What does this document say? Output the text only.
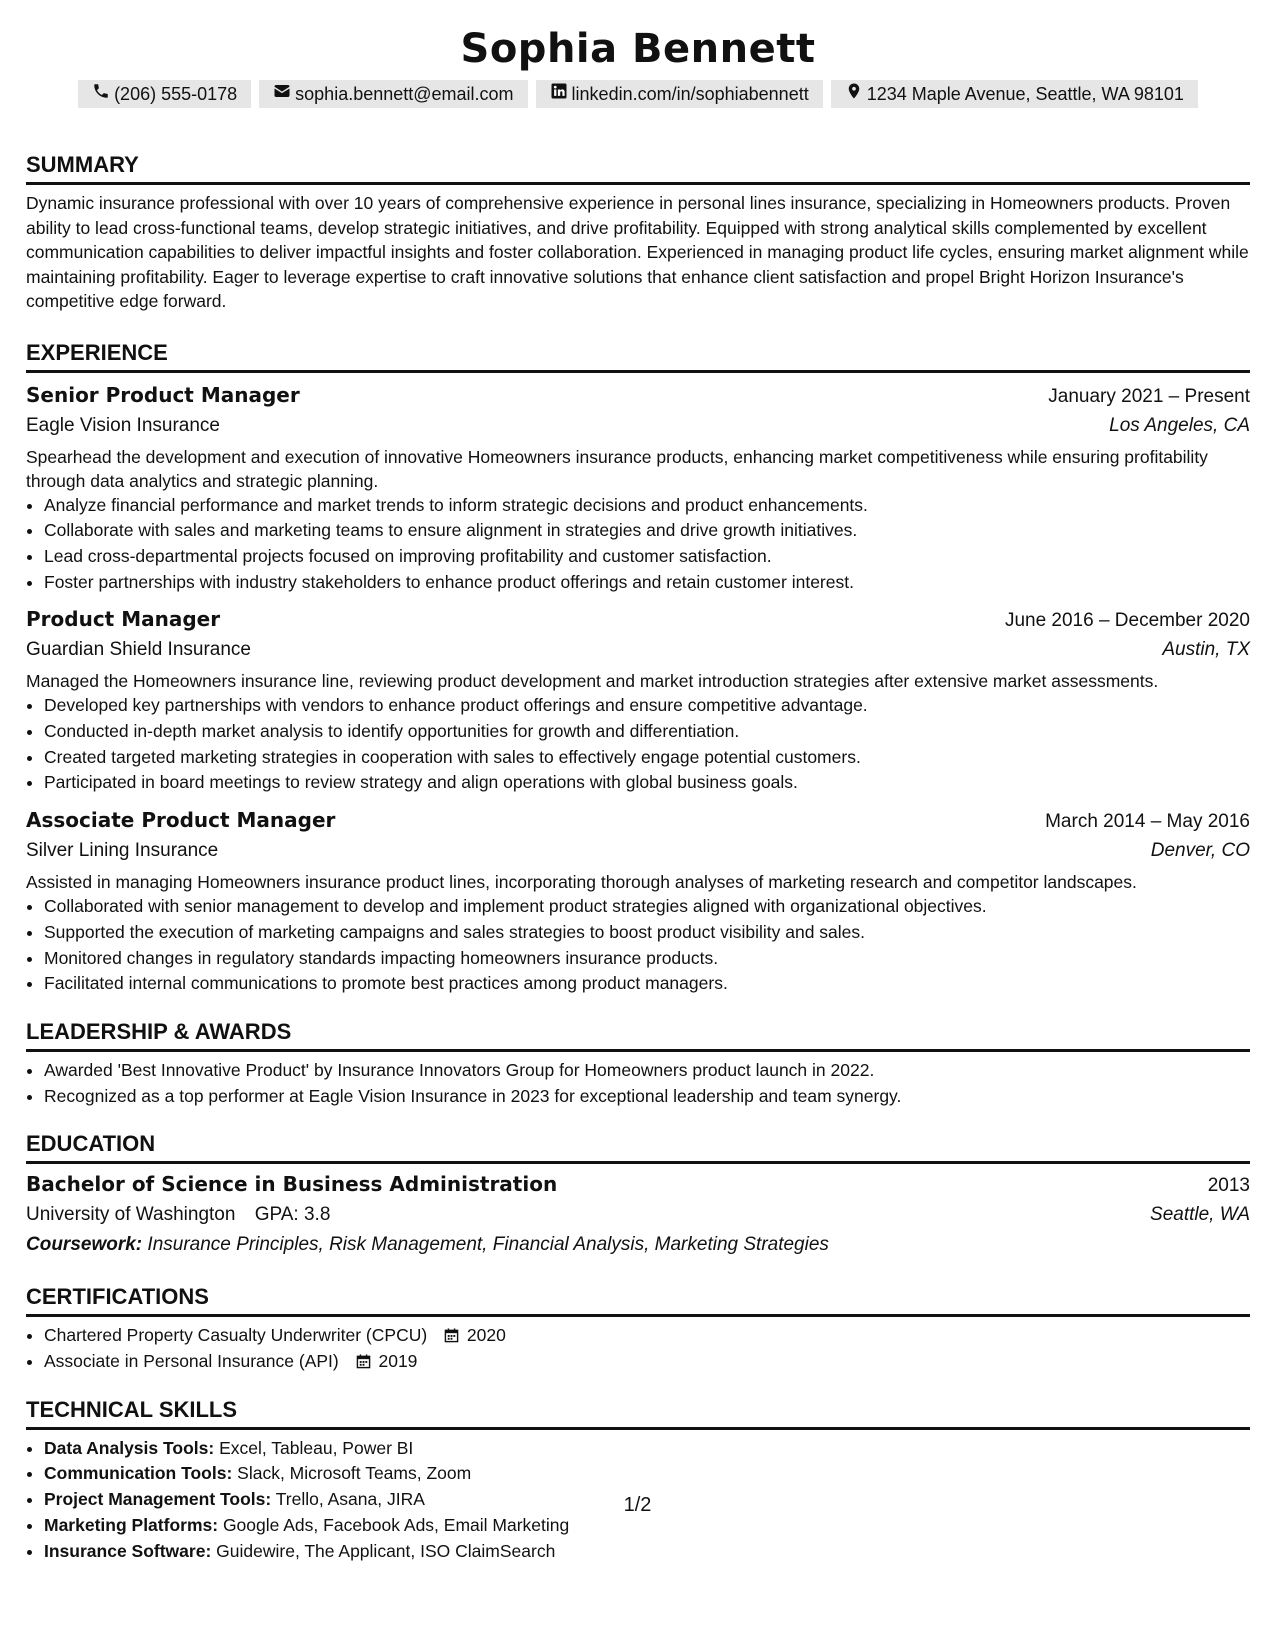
Sophia Bennett
(206) 555-0178	sophia.bennett@email.com	linkedin.com/in/sophiabennett	1234 Maple Avenue, Seattle, WA 98101
SUMMARY
Dynamic insurance professional with over 10 years of comprehensive experience in personal lines insurance, specializing in Homeowners products. Proven ability to lead cross-functional teams, develop strategic initiatives, and drive profitability. Equipped with strong analytical skills complemented by excellent communication capabilities to deliver impactful insights and foster collaboration. Experienced in managing product life cycles, ensuring market alignment while maintaining profitability. Eager to leverage expertise to craft innovative solutions that enhance client satisfaction and propel Bright Horizon Insurance's competitive edge forward.
EXPERIENCE
Senior Product Manager	January 2021 – Present
Eagle Vision Insurance	Los Angeles, CA
Spearhead the development and execution of innovative Homeowners insurance products, enhancing market competitiveness while ensuring profitability through data analytics and strategic planning.
• Analyze financial performance and market trends to inform strategic decisions and product enhancements.
• Collaborate with sales and marketing teams to ensure alignment in strategies and drive growth initiatives.
• Lead cross-departmental projects focused on improving profitability and customer satisfaction.
• Foster partnerships with industry stakeholders to enhance product offerings and retain customer interest.
Product Manager	June 2016 – December 2020
Guardian Shield Insurance	Austin, TX
Managed the Homeowners insurance line, reviewing product development and market introduction strategies after extensive market assessments.
• Developed key partnerships with vendors to enhance product offerings and ensure competitive advantage.
• Conducted in-depth market analysis to identify opportunities for growth and differentiation.
• Created targeted marketing strategies in cooperation with sales to effectively engage potential customers.
• Participated in board meetings to review strategy and align operations with global business goals.
Associate Product Manager	March 2014 – May 2016
Silver Lining Insurance	Denver, CO
Assisted in managing Homeowners insurance product lines, incorporating thorough analyses of marketing research and competitor landscapes.
• Collaborated with senior management to develop and implement product strategies aligned with organizational objectives.
• Supported the execution of marketing campaigns and sales strategies to boost product visibility and sales.
• Monitored changes in regulatory standards impacting homeowners insurance products.
• Facilitated internal communications to promote best practices among product managers.
LEADERSHIP & AWARDS
• Awarded 'Best Innovative Product' by Insurance Innovators Group for Homeowners product launch in 2022.
• Recognized as a top performer at Eagle Vision Insurance in 2023 for exceptional leadership and team synergy.
EDUCATION
Bachelor of Science in Business Administration	2013
University of Washington GPA: 3.8	Seattle, WA
Coursework: Insurance Principles, Risk Management, Financial Analysis, Marketing Strategies
CERTIFICATIONS
• Chartered Property Casualty Underwriter (CPCU) 2020
• Associate in Personal Insurance (API) 2019
TECHNICAL SKILLS
• Data Analysis Tools: Excel, Tableau, Power BI
• Communication Tools: Slack, Microsoft Teams, Zoom
• Project Management Tools: Trello, Asana, JIRA
• Marketing Platforms: Google Ads, Facebook Ads, Email Marketing
• Insurance Software: Guidewire, The Applicant, ISO ClaimSearch
1/2
